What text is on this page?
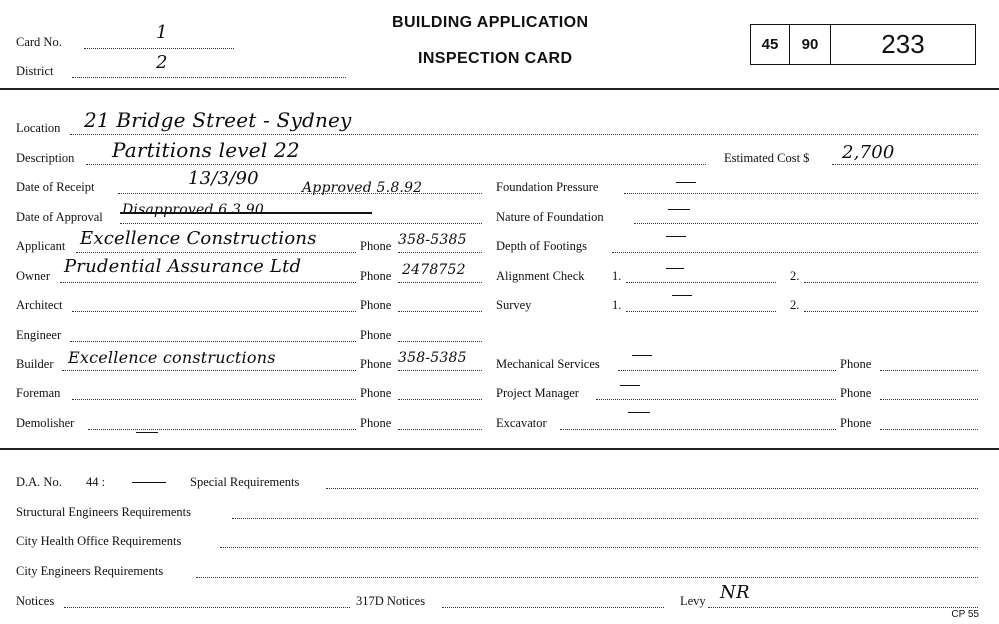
Card No.	1
District	2
BUILDING APPLICATION
INSPECTION CARD
45	90	233
Location 21 Bridge Street - Sydney
Description Partitions level 22	Estimated Cost $ 2,700
Date of Receipt	13/3/90	Approved 5.8.92
Date of Approval Disapproved 6.3.90
Applicant Excellence Constructions	Phone 358-5385
Owner Prudential Assurance Ltd	Phone 2478752
Architect	Phone
Engineer	Phone
Builder Excellence constructions	Phone 358-5385
Foreman	Phone
Demolisher	Phone
Foundation Pressure
Nature of Foundation
Depth of Footings
Alignment Check 1.	2.
Survey	1.	2.
Mechanical Services	Phone
Project Manager	Phone
Excavator	Phone
D.A. No. 44 :	Special Requirements
Structural Engineers Requirements
City Health Office Requirements
City Engineers Requirements
Notices	317D Notices	Levy NR
CP 55
